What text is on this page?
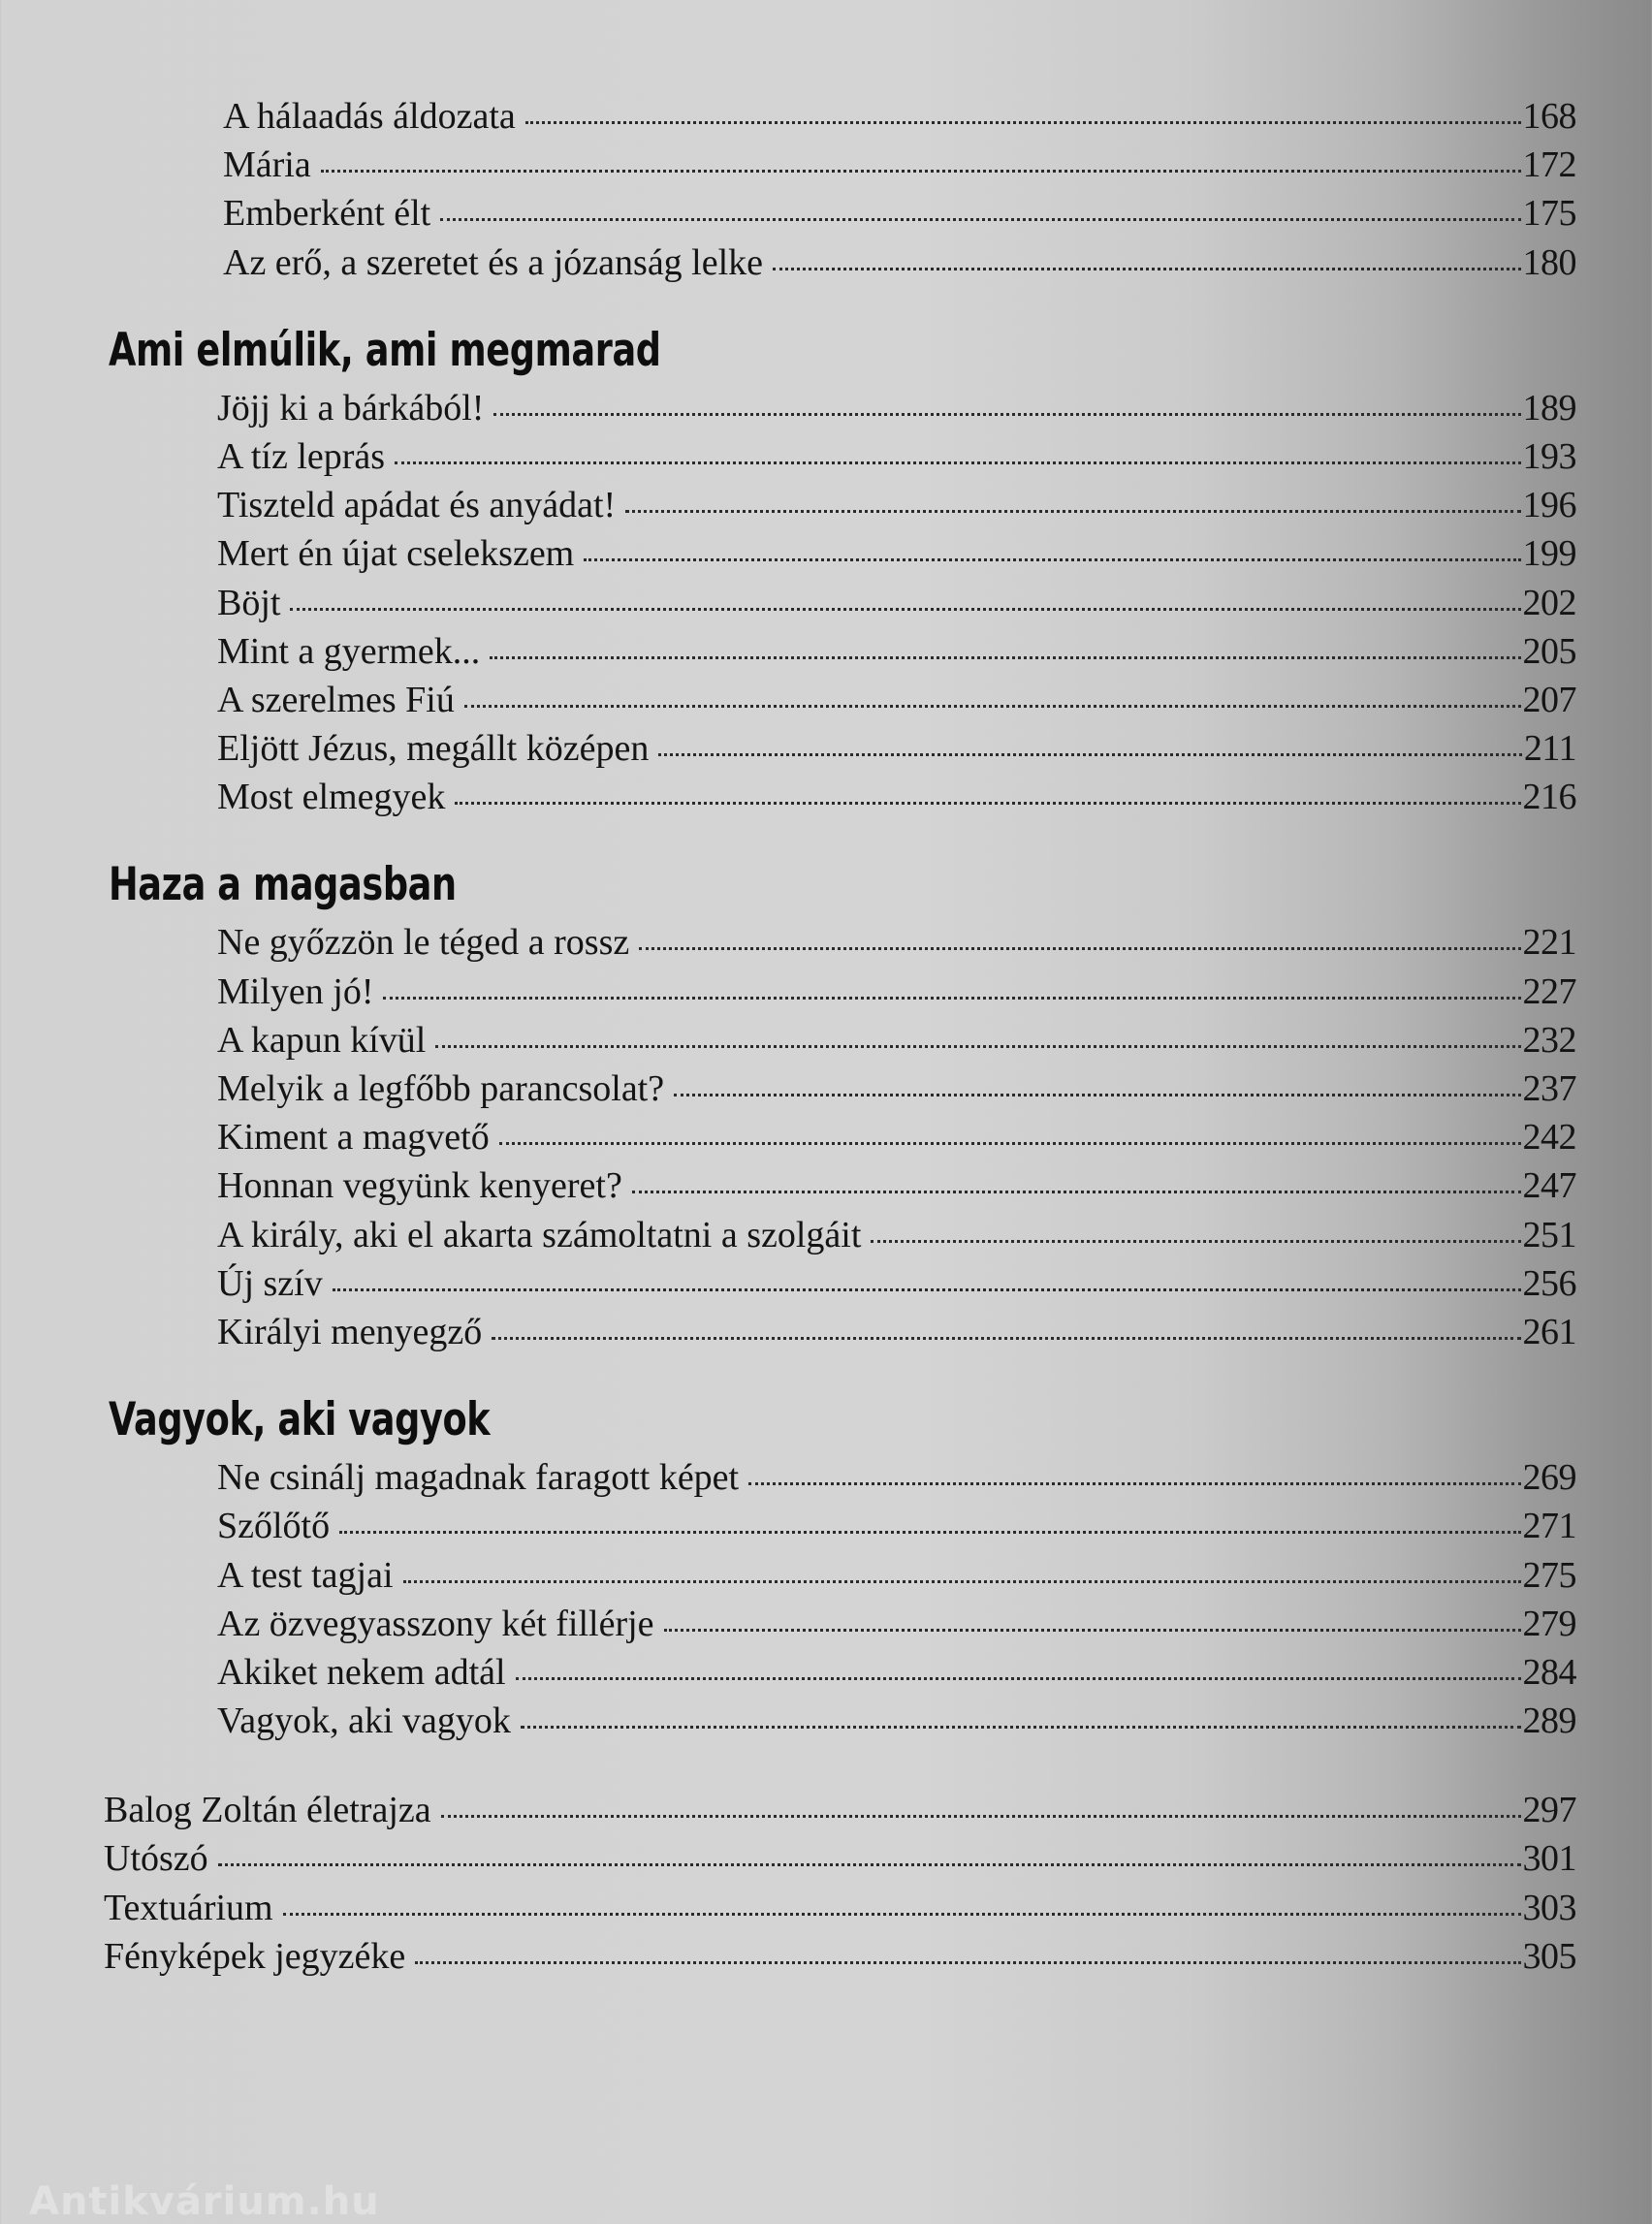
A hálaadás áldozata	168
Mária	172
Emberként élt	175
Az erő, a szeretet és a józanság lelke	180
Ami elmúlik, ami megmarad
Jöjj ki a bárkából!	189
A tíz leprás	193
Tiszteld apádat és anyádat!	196
Mert én újat cselekszem	199
Böjt	202
Mint a gyermek...	205
A szerelmes Fiú	207
Eljött Jézus, megállt középen	211
Most elmegyek	216
Haza a magasban
Ne győzzön le téged a rossz	221
Milyen jó!	227
A kapun kívül	232
Melyik a legfőbb parancsolat?	237
Kiment a magvető	242
Honnan vegyünk kenyeret?	247
A király, aki el akarta számoltatni a szolgáit	251
Új szív	256
Királyi menyegző	261
Vagyok, aki vagyok
Ne csinálj magadnak faragott képet	269
Szőlőtő	271
A test tagjai	275
Az özvegyasszony két fillérje	279
Akiket nekem adtál	284
Vagyok, aki vagyok	289
Balog Zoltán életrajza	297
Utószó	301
Textuárium	303
Fényképek jegyzéke	305
Antikvárium.hu
